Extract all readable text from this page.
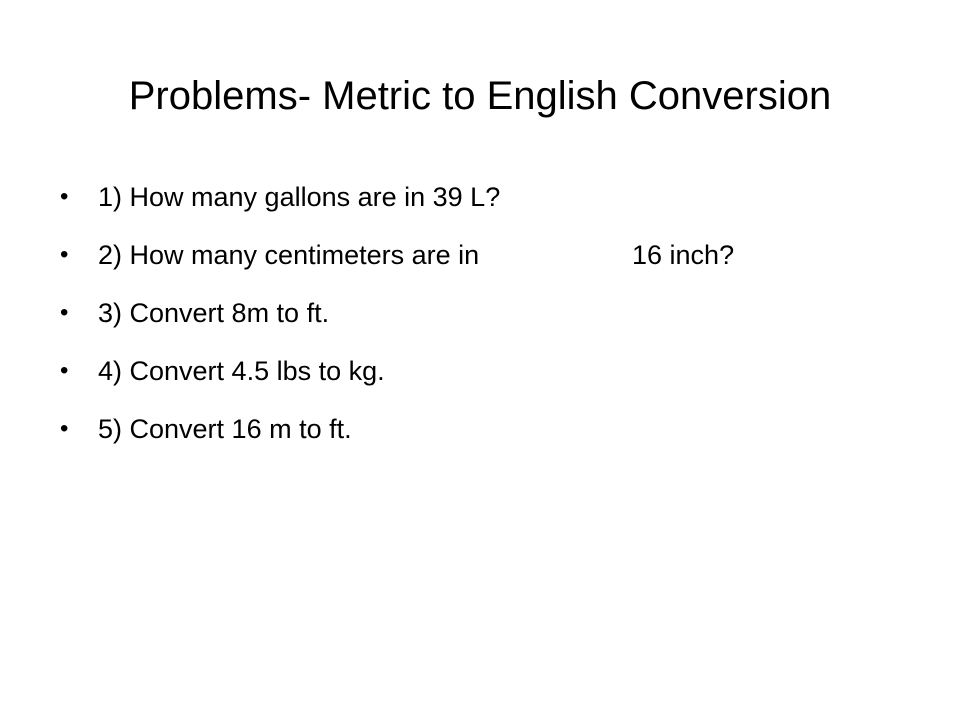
Problems- Metric to English Conversion
•	1) How many gallons are in 39 L?
•	2) How many centimeters are in	16 inch?
•	3) Convert 8m to ft.
•	4) Convert 4.5 lbs to kg.
•	5) Convert 16 m to ft.
